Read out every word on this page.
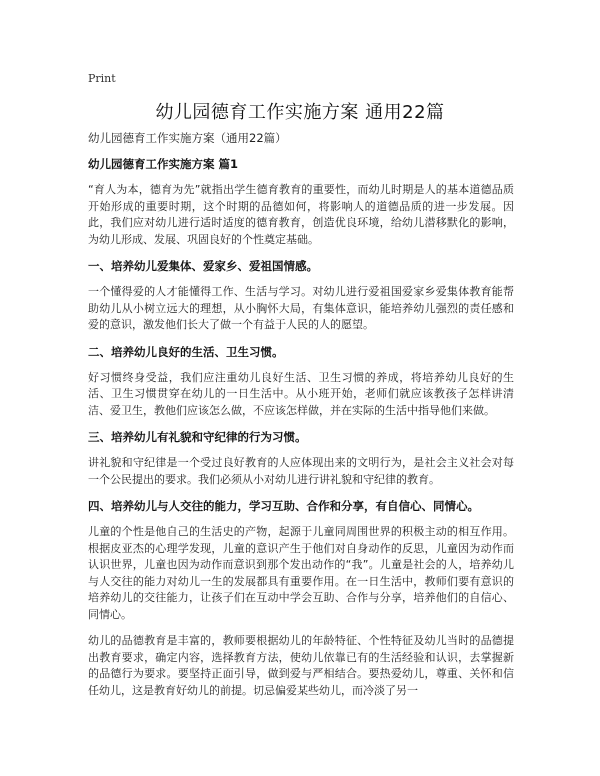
Print
幼儿园德育工作实施方案 通用22篇

幼儿园德育工作实施方案（通用22篇）

幼儿园德育工作实施方案 篇1

“育人为本，德育为先”就指出学生德育教育的重要性，而幼儿时期是人的基本道德品质开始形成的重要时期，这个时期的品德如何，将影响人的道德品质的进一步发展。因此，我们应对幼儿进行适时适度的德育教育，创造优良环境，给幼儿潜移默化的影响，为幼儿形成、发展、巩固良好的个性奠定基础。

一、培养幼儿爱集体、爱家乡、爱祖国情感。

一个懂得爱的人才能懂得工作、生活与学习。对幼儿进行爱祖国爱家乡爱集体教育能帮助幼儿从小树立远大的理想，从小胸怀大局，有集体意识，能培养幼儿强烈的责任感和爱的意识，激发他们长大了做一个有益于人民的人的愿望。

二、培养幼儿良好的生活、卫生习惯。

好习惯终身受益，我们应注重幼儿良好生活、卫生习惯的养成，将培养幼儿良好的生活、卫生习惯贯穿在幼儿的一日生活中。从小班开始，老师们就应该教孩子怎样讲清洁、爱卫生，教他们应该怎么做，不应该怎样做，并在实际的生活中指导他们来做。

三、培养幼儿有礼貌和守纪律的行为习惯。

讲礼貌和守纪律是一个受过良好教育的人应体现出来的文明行为，是社会主义社会对每一个公民提出的要求。我们必须从小对幼儿进行讲礼貌和守纪律的教育。

四、培养幼儿与人交往的能力，学习互助、合作和分享，有自信心、同情心。

儿童的个性是他自己的生活史的产物，起源于儿童同周围世界的积极主动的相互作用。根据皮亚杰的心理学发现，儿童的意识产生于他们对自身动作的反思，儿童因为动作而认识世界，儿童也因为动作而意识到那个发出动作的“我”。儿童是社会的人，培养幼儿与人交往的能力对幼儿一生的发展都具有重要作用。在一日生活中，教师们要有意识的培养幼儿的交往能力，让孩子们在互动中学会互助、合作与分享，培养他们的自信心、同情心。

幼儿的品德教育是丰富的，教师要根据幼儿的年龄特征、个性特征及幼儿当时的品德提出教育要求，确定内容，选择教育方法，使幼儿依靠已有的生活经验和认识，去掌握新的品德行为要求。要坚持正面引导，做到爱与严相结合。要热爱幼儿，尊重、关怀和信任幼儿，这是教育好幼儿的前提。切忌偏爱某些幼儿，而冷淡了另一
